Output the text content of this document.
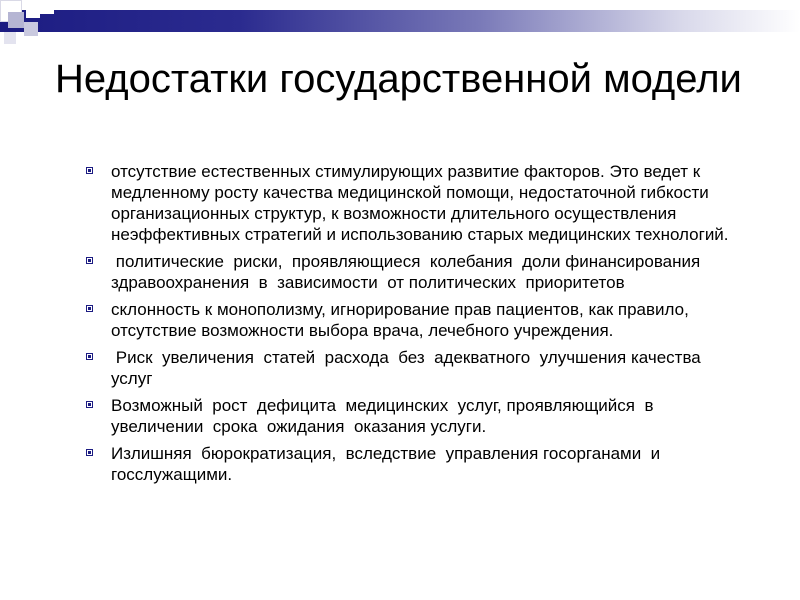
Недостатки государственной модели
отсутствие естественных стимулирующих развитие факторов. Это ведет к медленному росту качества медицинской помощи, недостаточной гибкости организационных структур, к возможности длительного осуществления неэффективных стратегий и использованию старых медицинских технологий.
политические  риски,  проявляющиеся  колебания  доли финансирования  здравоохранения  в  зависимости  от политических  приоритетов
склонность к монополизму, игнорирование прав пациентов, как правило, отсутствие возможности выбора врача, лечебного учреждения.
Риск  увеличения  статей  расхода  без  адекватного  улучшения качества  услуг
Возможный  рост  дефицита  медицинских  услуг, проявляющийся  в  увеличении  срока  ожидания  оказания услуги.
Излишняя  бюрократизация,  вследствие  управления госорганами  и  госслужащими.
